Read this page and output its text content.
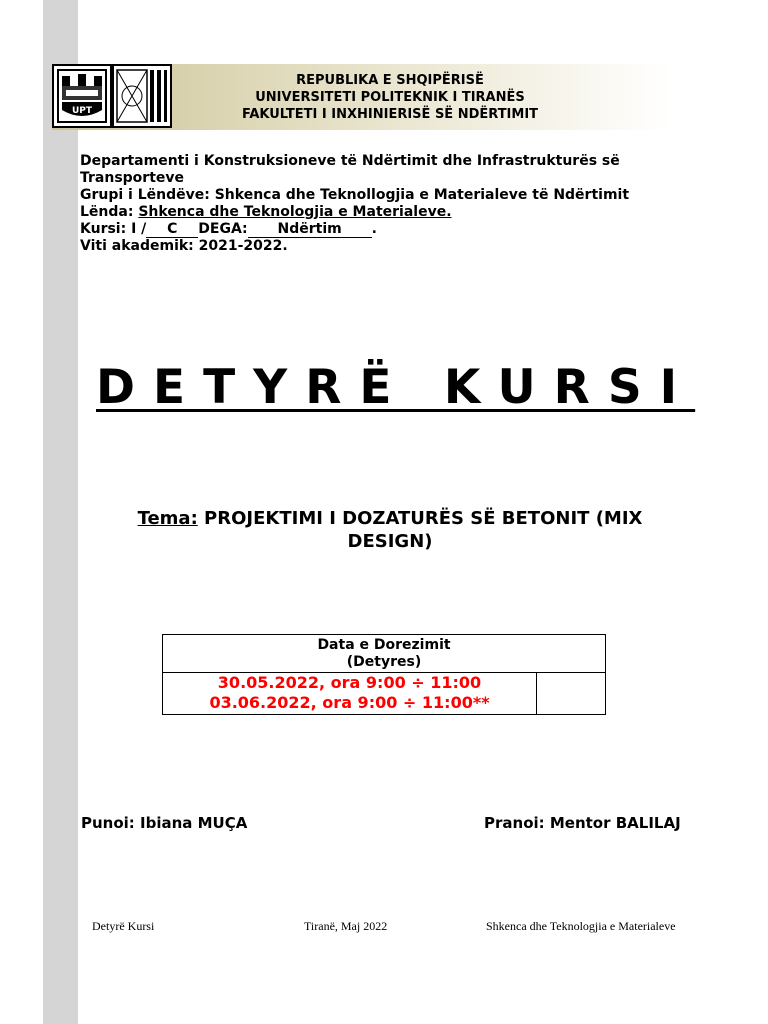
UPT
REPUBLIKA E SHQIPËRISË
UNIVERSITETI POLITEKNIK I TIRANËS
FAKULTETI I INXHINIERISË SË NDËRTIMIT
Departamenti i Konstruksioneve të Ndërtimit dhe Infrastrukturës së
Transporteve
Grupi i Lëndëve: Shkenca dhe Teknollogjia e Materialeve të Ndërtimit
Lënda: Shkenca dhe Teknologjia e Materialeve.
Kursi: I / C DEGA: Ndërtim .
Viti akademik: 2021-2022.
DETYRË KURSI
Tema: PROJEKTIMI I DOZATURËS SË BETONIT (MIX DESIGN)
Data e Dorezimit
(Detyres)
30.05.2022, ora 9:00 ÷ 11:00
03.06.2022, ora 9:00 ÷ 11:00**
Punoi: Ibiana MUÇA	Pranoi: Mentor BALILAJ
Detyrë Kursi	Tiranë, Maj 2022	Shkenca dhe Teknologjia e Materialeve
